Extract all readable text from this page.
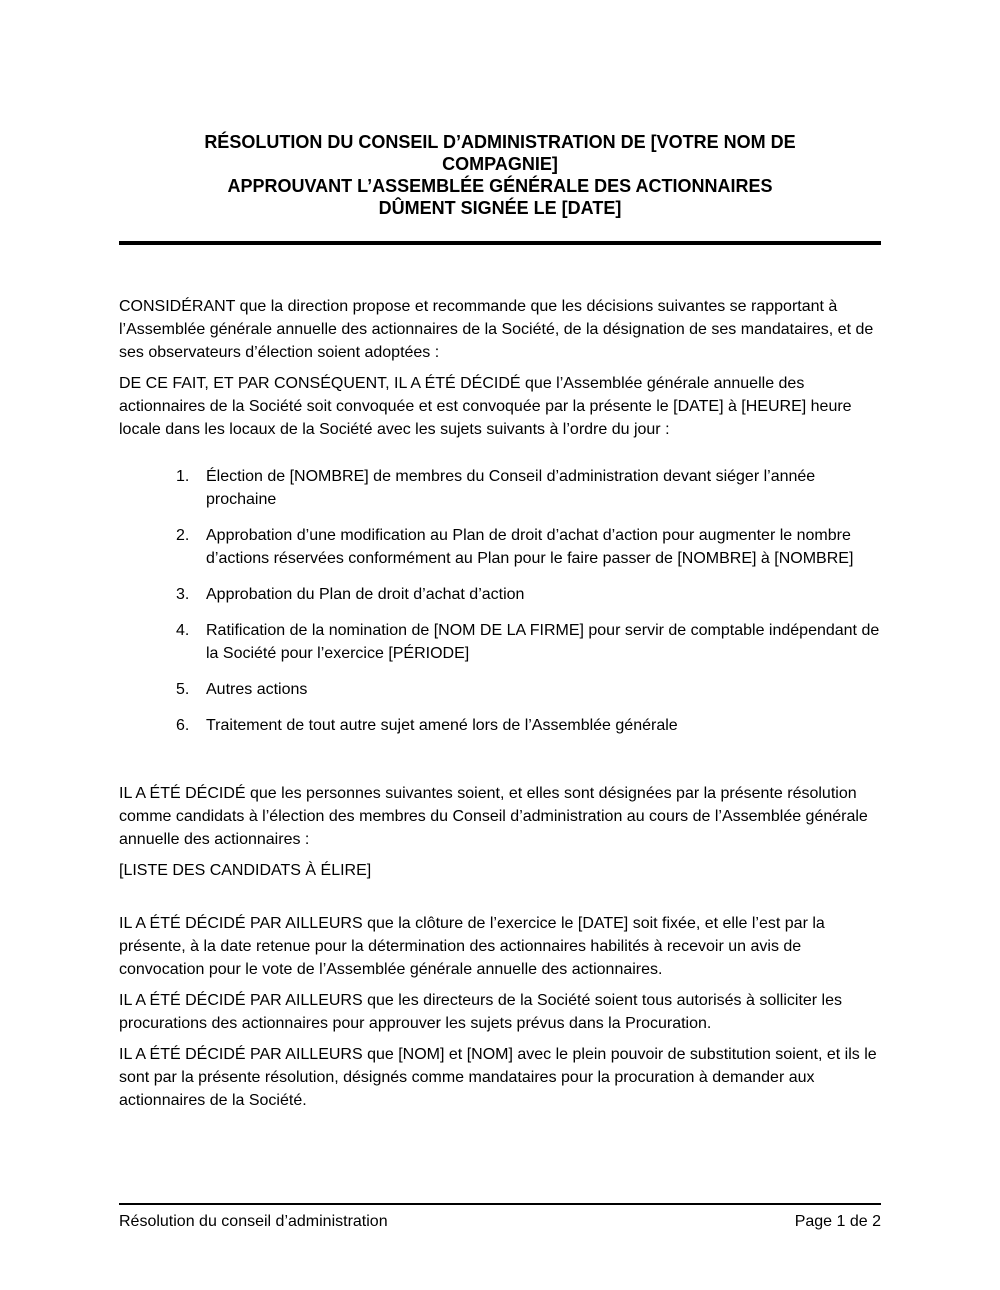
RÉSOLUTION DU CONSEIL D’ADMINISTRATION DE [VOTRE NOM DE
COMPAGNIE]
APPROUVANT L’ASSEMBLÉE GÉNÉRALE DES ACTIONNAIRES
DÛMENT SIGNÉE LE [DATE]

CONSIDÉRANT que la direction propose et recommande que les décisions suivantes se rapportant à l’Assemblée générale annuelle des actionnaires de la Société, de la désignation de ses mandataires, et de ses observateurs d’élection soient adoptées :

DE CE FAIT, ET PAR CONSÉQUENT, IL A ÉTÉ DÉCIDÉ que l’Assemblée générale annuelle des actionnaires de la Société soit convoquée et est convoquée par la présente le [DATE] à [HEURE] heure locale dans les locaux de la Société avec les sujets suivants à l’ordre du jour :

1.	Élection de [NOMBRE] de membres du Conseil d’administration devant siéger l’année prochaine
2.	Approbation d’une modification au Plan de droit d’achat d’action pour augmenter le nombre d’actions réservées conformément au Plan pour le faire passer de [NOMBRE] à [NOMBRE]
3.	Approbation du Plan de droit d’achat d’action
4.	Ratification de la nomination de [NOM DE LA FIRME] pour servir de comptable indépendant de la Société pour l’exercice [PÉRIODE]
5.	Autres actions
6.	Traitement de tout autre sujet amené lors de l’Assemblée générale

IL A ÉTÉ DÉCIDÉ que les personnes suivantes soient, et elles sont désignées par la présente résolution comme candidats à l’élection des membres du Conseil d’administration au cours de l’Assemblée générale annuelle des actionnaires :

[LISTE DES CANDIDATS À ÉLIRE]

IL A ÉTÉ DÉCIDÉ PAR AILLEURS que la clôture de l’exercice le [DATE] soit fixée, et elle l’est par la présente, à la date retenue pour la détermination des actionnaires habilités à recevoir un avis de convocation pour le vote de l’Assemblée générale annuelle des actionnaires.

IL A ÉTÉ DÉCIDÉ PAR AILLEURS que les directeurs de la Société soient tous autorisés à solliciter les procurations des actionnaires pour approuver les sujets prévus dans la Procuration.

IL A ÉTÉ DÉCIDÉ PAR AILLEURS que [NOM] et [NOM] avec le plein pouvoir de substitution soient, et ils le sont par la présente résolution, désignés comme mandataires pour la procuration à demander aux actionnaires de la Société.

Résolution du conseil d’administration	Page 1 de 2
